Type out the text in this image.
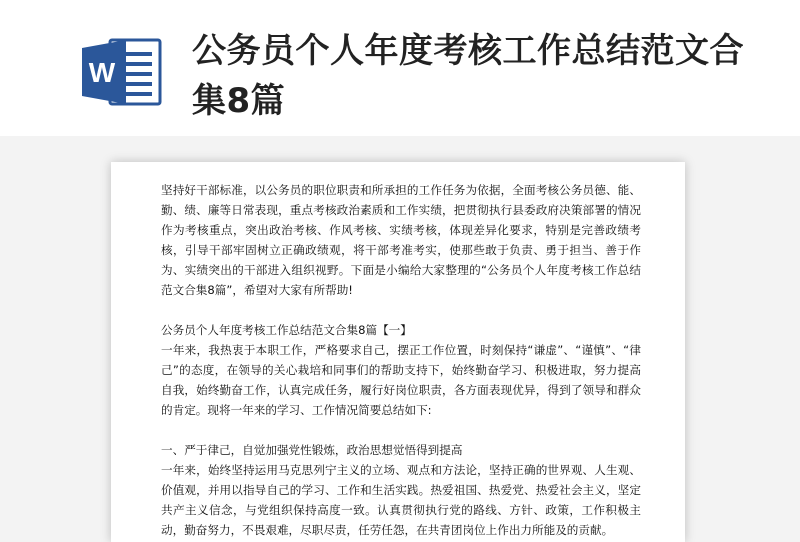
W
公务员个人年度考核工作总结范文合集8篇

坚持好干部标准，以公务员的职位职责和所承担的工作任务为依据，全面考核公务员德、能、勤、绩、廉等日常表现，重点考核政治素质和工作实绩，把贯彻执行县委政府决策部署的情况作为考核重点，突出政治考核、作风考核、实绩考核，体现差异化要求，特别是完善政绩考核，引导干部牢固树立正确政绩观，将干部考准考实，使那些敢于负责、勇于担当、善于作为、实绩突出的干部进入组织视野。下面是小编给大家整理的“公务员个人年度考核工作总结范文合集8篇”，希望对大家有所帮助!

公务员个人年度考核工作总结范文合集8篇【一】

一年来，我热衷于本职工作，严格要求自己，摆正工作位置，时刻保持“谦虚”、“谨慎”、“律己”的态度，在领导的关心栽培和同事们的帮助支持下，始终勤奋学习、积极进取，努力提高自我，始终勤奋工作，认真完成任务，履行好岗位职责，各方面表现优异，得到了领导和群众的肯定。现将一年来的学习、工作情况简要总结如下:

一、严于律己，自觉加强党性锻炼，政治思想觉悟得到提高

一年来，始终坚持运用马克思列宁主义的立场、观点和方法论，坚持正确的世界观、人生观、价值观，并用以指导自己的学习、工作和生活实践。热爱祖国、热爱党、热爱社会主义，坚定共产主义信念，与党组织保持高度一致。认真贯彻执行党的路线、方针、政策，工作积极主动，勤奋努力，不畏艰难，尽职尽责，任劳任怨，在共青团岗位上作出力所能及的贡献。
